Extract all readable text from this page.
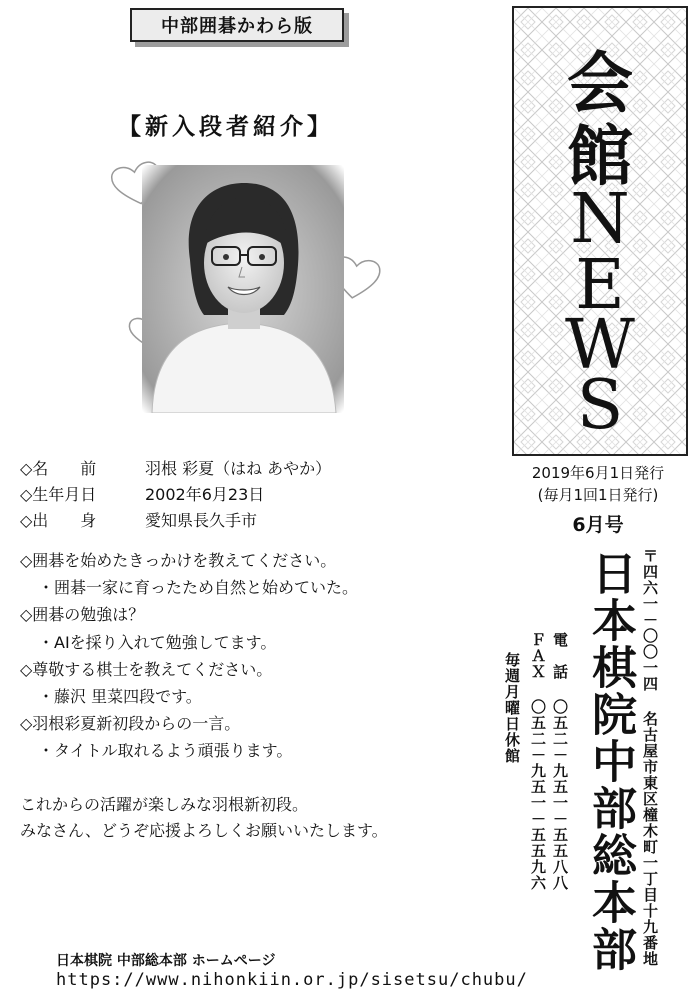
中部囲碁かわら版
【新入段者紹介】
◇名　　前	羽根 彩夏（はね あやか）
◇生年月日	2002年6月23日
◇出　　身	愛知県長久手市
◇囲碁を始めたきっかけを教えてください。
・囲碁一家に育ったため自然と始めていた。
◇囲碁の勉強は？
・AIを採り入れて勉強してます。
◇尊敬する棋士を教えてください。
・藤沢 里菜四段です。
◇羽根彩夏新初段からの一言。
・タイトル取れるよう頑張ります。
これからの活躍が楽しみな羽根新初段。
みなさん、どうぞ応援よろしくお願いいたします。
会
館
N
E
W
S
2019年6月1日発行
(毎月1回1日発行)
6月号
〒四六一－〇〇一四 名古屋市東区橦木町一丁目十九番地
日本棋院中部総本部
電　話 〇五二－九五一－五五八八
ＦＡＸ 〇五二－九五一－五五九六
毎週月曜日休館
日本棋院 中部総本部 ホームページ
https://www.nihonkiin.or.jp/sisetsu/chubu/
